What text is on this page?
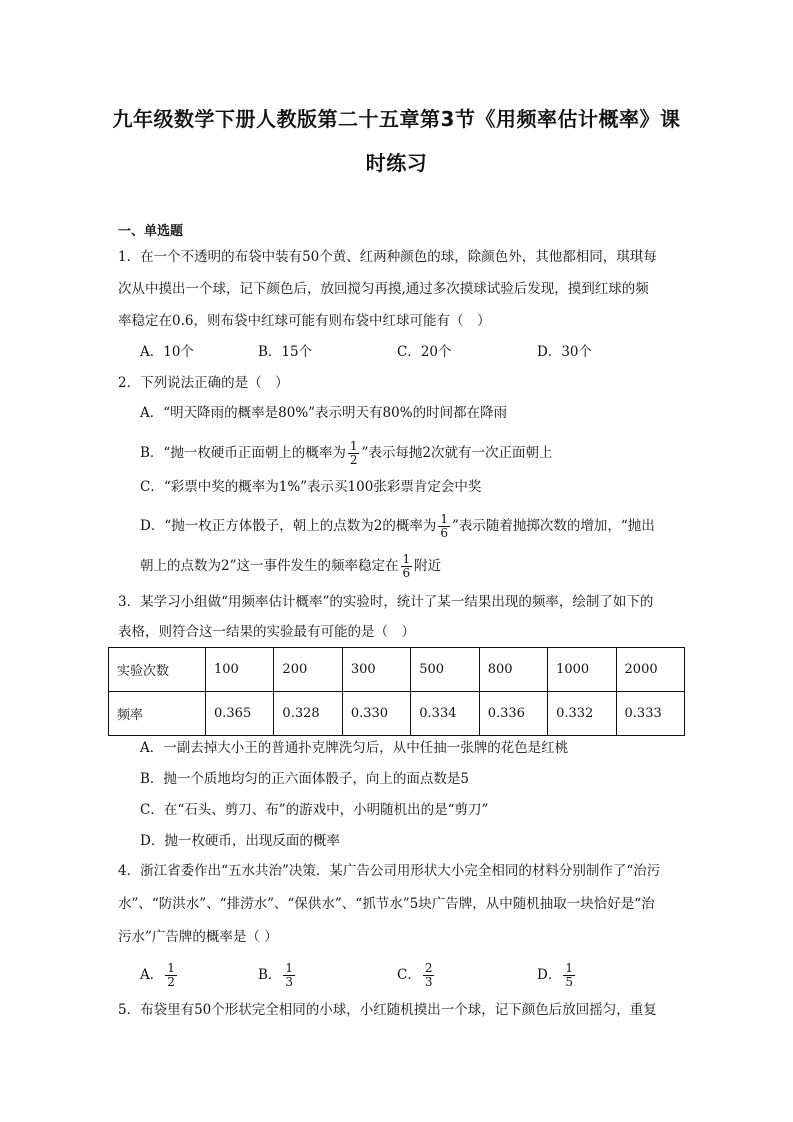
九年级数学下册人教版第二十五章第3节《用频率估计概率》课
时练习
一、单选题
1．在一个不透明的布袋中装有50个黄、红两种颜色的球，除颜色外，其他都相同，琪琪每
次从中摸出一个球，记下颜色后，放回搅匀再摸,通过多次摸球试验后发现，摸到红球的频
率稳定在0.6，则布袋中红球可能有则布袋中红球可能有（　）
A．10个	B．15个	C．20个	D．30个
2．下列说法正确的是（　）
A．“明天降雨的概率是80%”表示明天有80%的时间都在降雨
B．“抛一枚硬币正面朝上的概率为 $\frac{1}{2}$ ”表示每抛2次就有一次正面朝上
C．“彩票中奖的概率为1%”表示买100张彩票肯定会中奖
D．“抛一枚正方体骰子，朝上的点数为2的概率为 $\frac{1}{6}$ ”表示随着抛掷次数的增加，“抛出
朝上的点数为2”这一事件发生的频率稳定在 $\frac{1}{6}$ 附近
3．某学习小组做“用频率估计概率”的实验时，统计了某一结果出现的频率，绘制了如下的
表格，则符合这一结果的实验最有可能的是（　）
实验次数	100	200	300	500	800	1000	2000
频率	0.365	0.328	0.330	0.334	0.336	0.332	0.333
A．一副去掉大小王的普通扑克牌洗匀后，从中任抽一张牌的花色是红桃
B．抛一个质地均匀的正六面体骰子，向上的面点数是5
C．在“石头、剪刀、布”的游戏中，小明随机出的是“剪刀”
D．抛一枚硬币，出现反面的概率
4．浙江省委作出“五水共治”决策．某广告公司用形状大小完全相同的材料分别制作了“治污
水”、“防洪水”、“排涝水”、“保供水”、“抓节水”5块广告牌，从中随机抽取一块恰好是“治
污水”广告牌的概率是（ ）
A． $\frac{1}{2}$	B． $\frac{1}{3}$	C． $\frac{2}{3}$	D． $\frac{1}{5}$
5．布袋里有50个形状完全相同的小球，小红随机摸出一个球，记下颜色后放回摇匀，重复
